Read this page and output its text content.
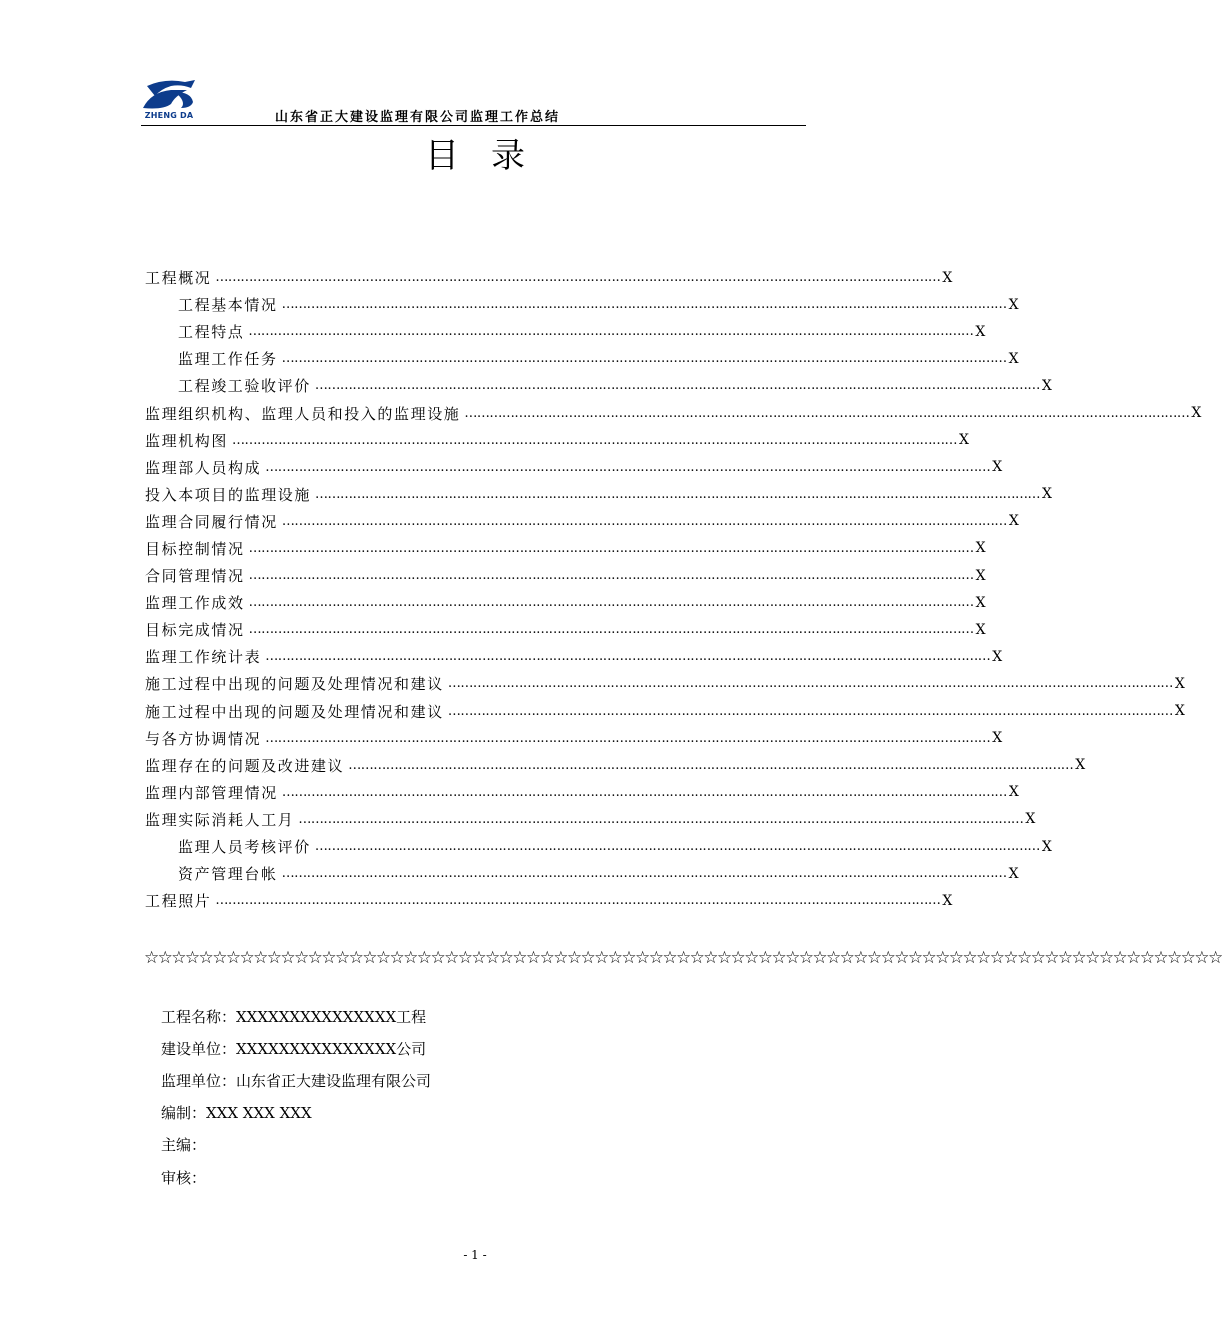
ZHENG DA	山东省正大建设监理有限公司监理工作总结
目录
工程概况 ………………………………………………………………………………………………………………………………………………………… X
工程基本情况 ………………………………………………………………………………………………………………………………………………………… X
工程特点 ………………………………………………………………………………………………………………………………………………………… X
监理工作任务 ………………………………………………………………………………………………………………………………………………………… X
工程竣工验收评价 ………………………………………………………………………………………………………………………………………………………… X
监理组织机构、监理人员和投入的监理设施 ………………………………………………………………………………………………………………………………………………………… X
监理机构图 ………………………………………………………………………………………………………………………………………………………… X
监理部人员构成 ………………………………………………………………………………………………………………………………………………………… X
投入本项目的监理设施 ………………………………………………………………………………………………………………………………………………………… X
监理合同履行情况 ………………………………………………………………………………………………………………………………………………………… X
目标控制情况 ………………………………………………………………………………………………………………………………………………………… X
合同管理情况 ………………………………………………………………………………………………………………………………………………………… X
监理工作成效 ………………………………………………………………………………………………………………………………………………………… X
目标完成情况 ………………………………………………………………………………………………………………………………………………………… X
监理工作统计表 ………………………………………………………………………………………………………………………………………………………… X
施工过程中出现的问题及处理情况和建议 ………………………………………………………………………………………………………………………………………………………… X
施工过程中出现的问题及处理情况和建议 ………………………………………………………………………………………………………………………………………………………… X
与各方协调情况 ………………………………………………………………………………………………………………………………………………………… X
监理存在的问题及改进建议 ………………………………………………………………………………………………………………………………………………………… X
监理内部管理情况 ………………………………………………………………………………………………………………………………………………………… X
监理实际消耗人工月 ………………………………………………………………………………………………………………………………………………………… X
监理人员考核评价 ………………………………………………………………………………………………………………………………………………………… X
资产管理台帐 ………………………………………………………………………………………………………………………………………………………… X
工程照片 ………………………………………………………………………………………………………………………………………………………… X
☆☆☆☆☆☆☆☆☆☆☆☆☆☆☆☆☆☆☆☆☆☆☆☆☆☆☆☆☆☆☆☆☆☆☆☆☆☆☆☆☆☆☆☆☆☆☆☆☆☆☆☆☆☆☆☆☆☆☆☆☆☆☆☆☆☆☆☆☆☆☆☆☆☆☆☆☆☆☆
工程名称：XXXXXXXXXXXXXXX工程
建设单位：XXXXXXXXXXXXXXX公司
监理单位：山东省正大建设监理有限公司
编制：XXX XXX XXX
主编：
审核：
- 1 -
